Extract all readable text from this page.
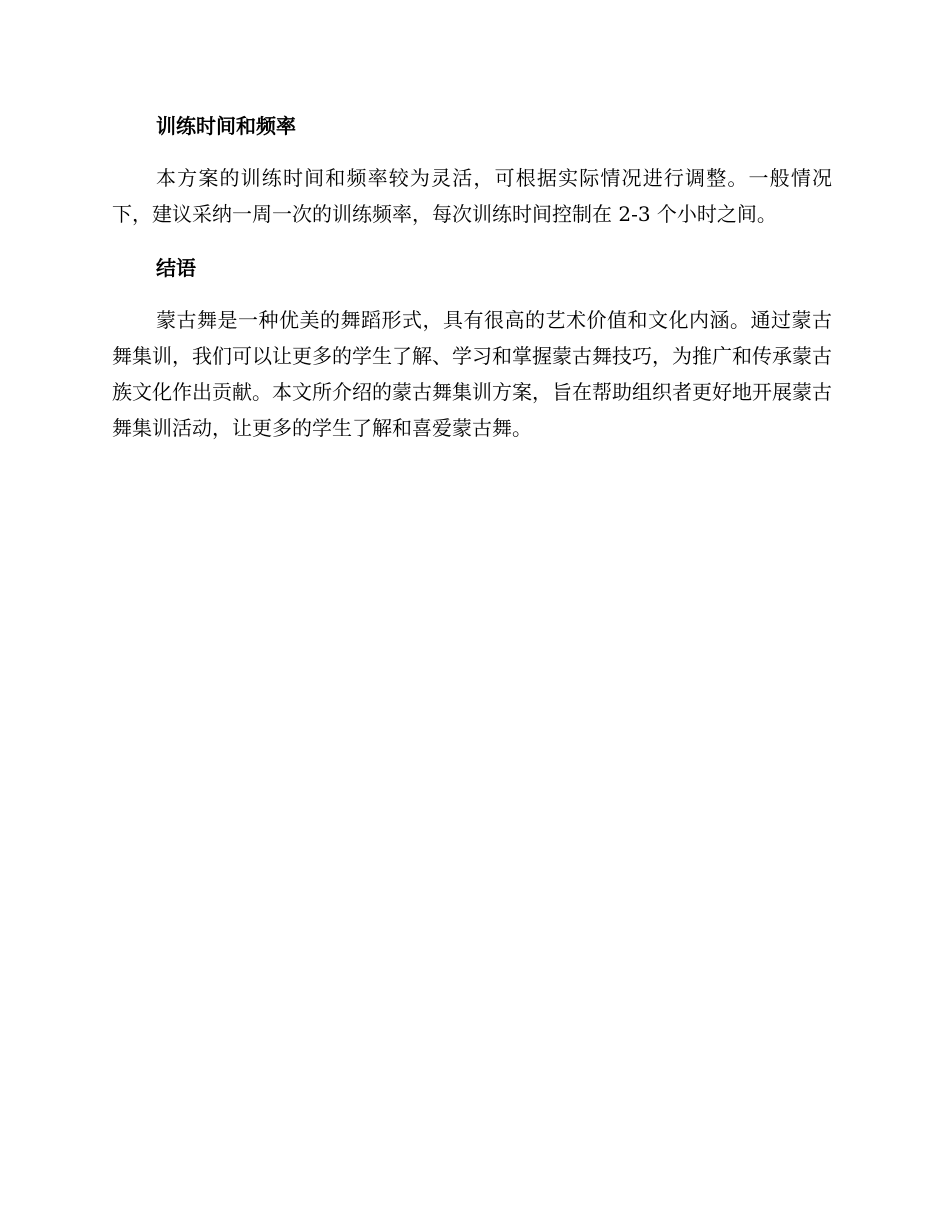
训练时间和频率

本方案的训练时间和频率较为灵活，可根据实际情况进行调整。一般情况下，建议采纳一周一次的训练频率，每次训练时间控制在 2-3 个小时之间。

结语

蒙古舞是一种优美的舞蹈形式，具有很高的艺术价值和文化内涵。通过蒙古舞集训，我们可以让更多的学生了解、学习和掌握蒙古舞技巧，为推广和传承蒙古族文化作出贡献。本文所介绍的蒙古舞集训方案，旨在帮助组织者更好地开展蒙古舞集训活动，让更多的学生了解和喜爱蒙古舞。
